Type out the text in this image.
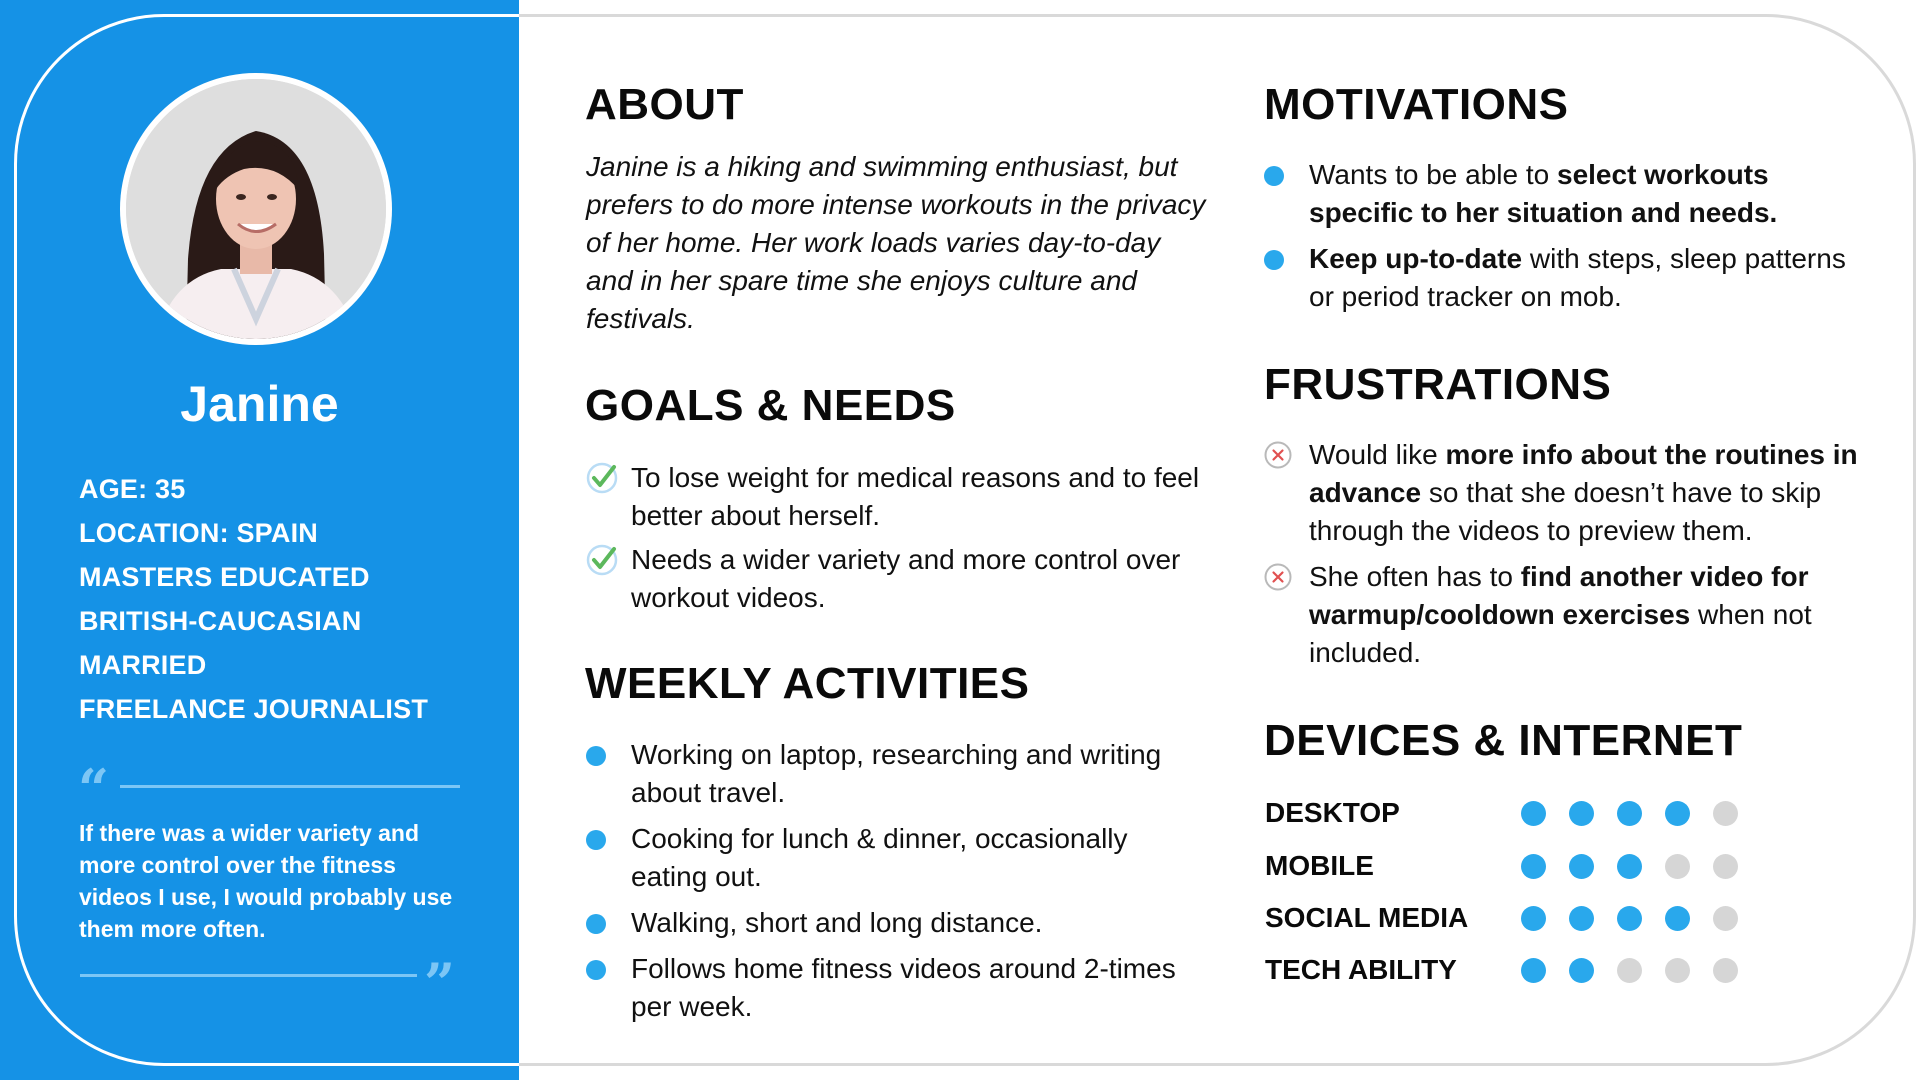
Janine
AGE: 35
LOCATION: SPAIN
MASTERS EDUCATED
BRITISH-CAUCASIAN
MARRIED
FREELANCE JOURNALIST
“
If there was a wider variety and more control over the fitness videos I use, I would probably use them more often.
”
ABOUT
Janine is a hiking and swimming enthusiast, but prefers to do more intense workouts in the privacy of her home. Her work loads varies day-to-day and in her spare time she enjoys culture and festivals.
GOALS & NEEDS
To lose weight for medical reasons and to feel better about herself.
Needs a wider variety and more control over workout videos.
WEEKLY ACTIVITIES
Working on laptop, researching and writing about travel.
Cooking for lunch & dinner, occasionally eating out.
Walking, short and long distance.
Follows home fitness videos around 2-times per week.
MOTIVATIONS
Wants to be able to select workouts specific to her situation and needs.
Keep up-to-date with steps, sleep patterns or period tracker on mob.
FRUSTRATIONS
Would like more info about the routines in advance so that she doesn’t have to skip through the videos to preview them.
She often has to find another video for warmup/cooldown exercises when not included.
DEVICES & INTERNET
DESKTOP
MOBILE
SOCIAL MEDIA
TECH ABILITY
